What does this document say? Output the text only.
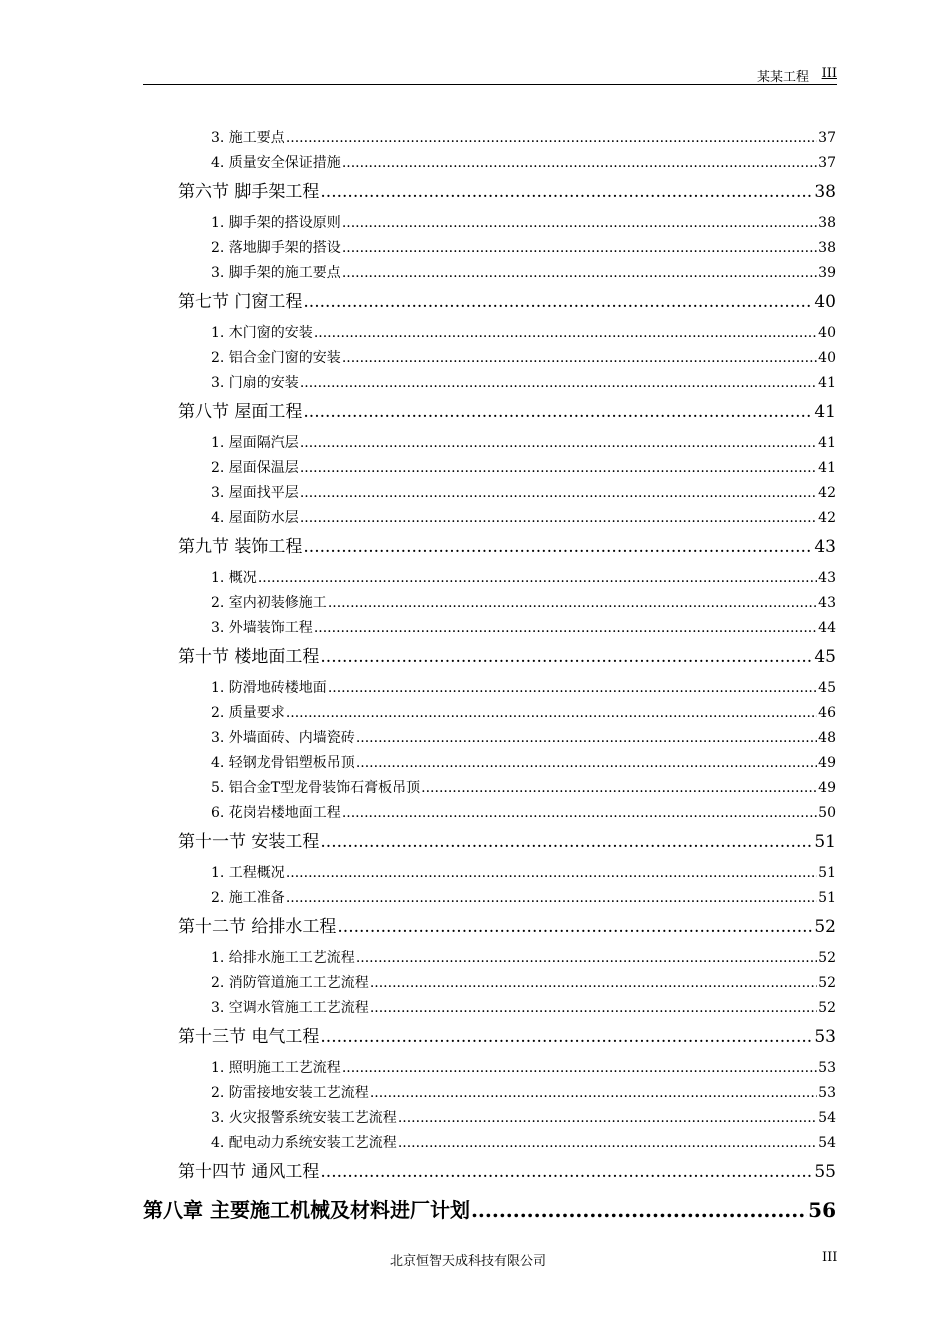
某某工程 III
3. 施工要点 .....	37
4. 质量安全保证措施 .....	37
第六节 脚手架工程 .....	38
1. 脚手架的搭设原则 .....	38
2. 落地脚手架的搭设 .....	38
3. 脚手架的施工要点 .....	39
第七节 门窗工程 .....	40
1. 木门窗的安装 .....	40
2. 铝合金门窗的安装 .....	40
3. 门扇的安装 .....	41
第八节 屋面工程 .....	41
1. 屋面隔汽层 .....	41
2. 屋面保温层 .....	41
3. 屋面找平层 .....	42
4. 屋面防水层 .....	42
第九节 装饰工程 .....	43
1. 概况 .....	43
2. 室内初装修施工 .....	43
3. 外墙装饰工程 .....	44
第十节 楼地面工程 .....	45
1. 防滑地砖楼地面 .....	45
2. 质量要求 .....	46
3. 外墙面砖、内墙瓷砖 .....	48
4. 轻钢龙骨铝塑板吊顶 .....	49
5. 铝合金T型龙骨装饰石膏板吊顶 .....	49
6. 花岗岩楼地面工程 .....	50
第十一节 安装工程 .....	51
1. 工程概况 .....	51
2. 施工准备 .....	51
第十二节 给排水工程 .....	52
1. 给排水施工工艺流程 .....	52
2. 消防管道施工工艺流程 .....	52
3. 空调水管施工工艺流程 .....	52
第十三节 电气工程 .....	53
1. 照明施工工艺流程 .....	53
2. 防雷接地安装工艺流程 .....	53
3. 火灾报警系统安装工艺流程 .....	54
4. 配电动力系统安装工艺流程 .....	54
第十四节 通风工程 .....	55
第八章 主要施工机械及材料进厂计划 .....	56
北京恒智天成科技有限公司	III
